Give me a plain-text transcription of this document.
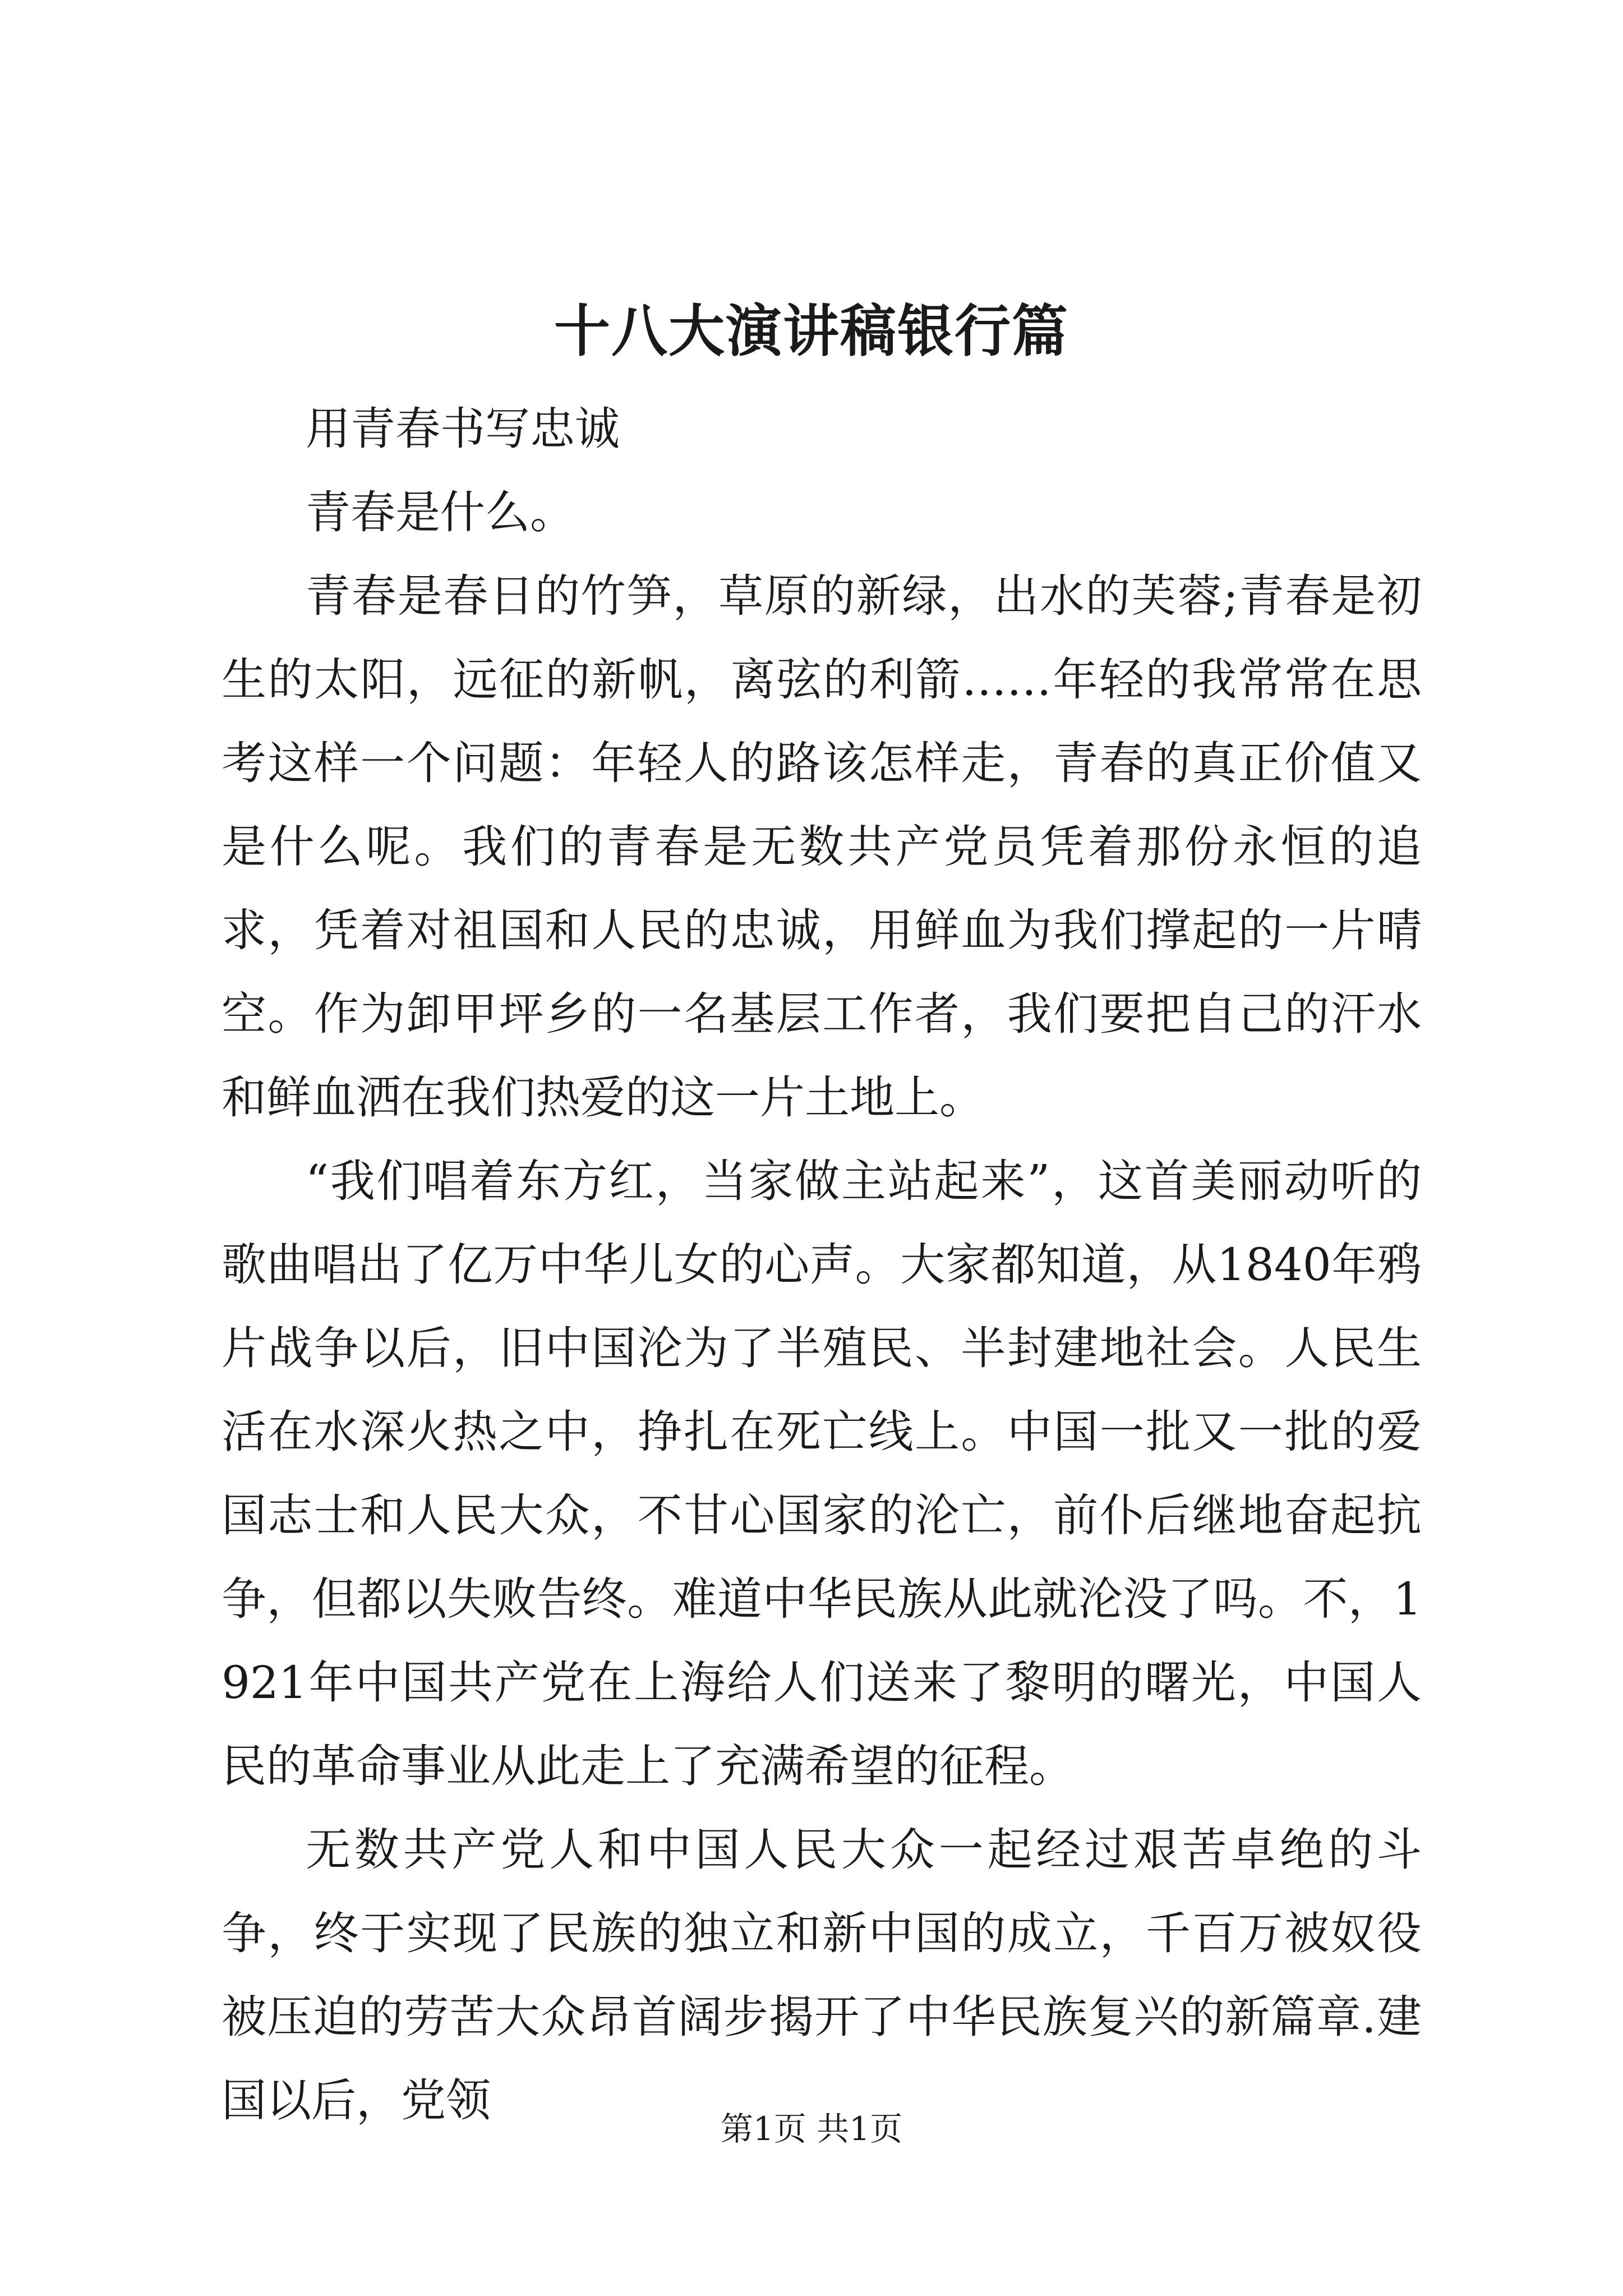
十八大演讲稿银行篇

用青春书写忠诚

青春是什么。

青春是春日的竹笋，草原的新绿，出水的芙蓉;青春是初生的太阳，远征的新帆，离弦的利箭……年轻的我常常在思考这样一个问题：年轻人的路该怎样走，青春的真正价值又是什么呢。我们的青春是无数共产党员凭着那份永恒的追求，凭着对祖国和人民的忠诚，用鲜血为我们撑起的一片晴空。作为卸甲坪乡的一名基层工作者，我们要把自己的汗水和鲜血洒在我们热爱的这一片土地上。

“我们唱着东方红，当家做主站起来”，这首美丽动听的歌曲唱出了亿万中华儿女的心声。大家都知道，从1840年鸦片战争以后，旧中国沦为了半殖民、半封建地社会。人民生活在水深火热之中，挣扎在死亡线上。中国一批又一批的爱国志士和人民大众，不甘心国家的沦亡，前仆后继地奋起抗争，但都以失败告终。难道中华民族从此就沦没了吗。不，1921年中国共产党在上海给人们送来了黎明的曙光，中国人民的革命事业从此走上了充满希望的征程。

无数共产党人和中国人民大众一起经过艰苦卓绝的斗争，终于实现了民族的独立和新中国的成立，千百万被奴役被压迫的劳苦大众昂首阔步揭开了中华民族复兴的新篇章.建国以后，党领

第1页 共1页
